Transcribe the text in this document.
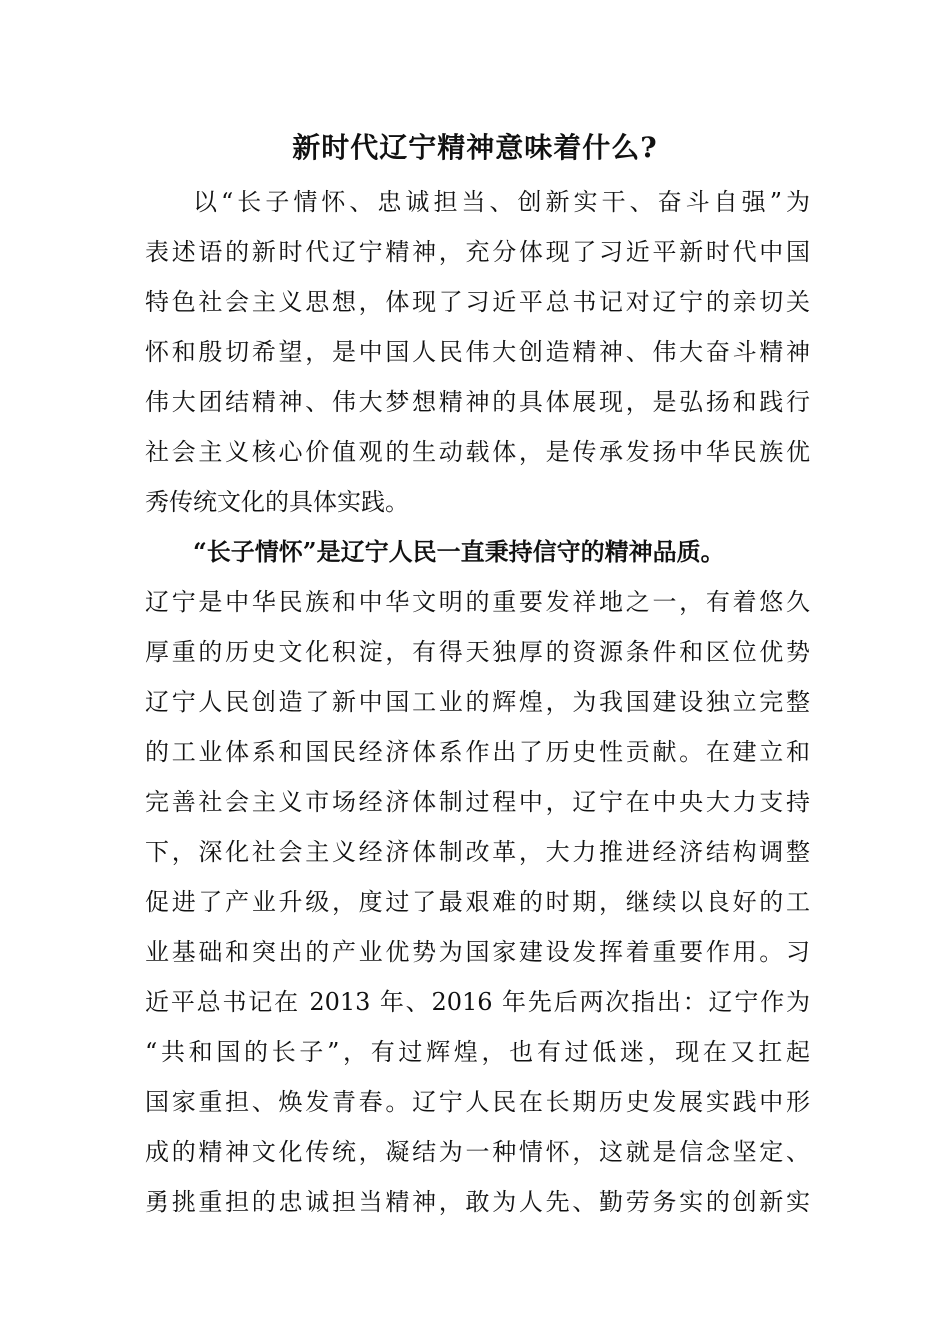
新时代辽宁精神意味着什么?
以“长子情怀、忠诚担当、创新实干、奋斗自强”为
表述语的新时代辽宁精神，充分体现了习近平新时代中国
特色社会主义思想，体现了习近平总书记对辽宁的亲切关
怀和殷切希望，是中国人民伟大创造精神、伟大奋斗精神
伟大团结精神、伟大梦想精神的具体展现，是弘扬和践行
社会主义核心价值观的生动载体，是传承发扬中华民族优
秀传统文化的具体实践。
“长子情怀”是辽宁人民一直秉持信守的精神品质。
辽宁是中华民族和中华文明的重要发祥地之一，有着悠久
厚重的历史文化积淀，有得天独厚的资源条件和区位优势
辽宁人民创造了新中国工业的辉煌，为我国建设独立完整
的工业体系和国民经济体系作出了历史性贡献。在建立和
完善社会主义市场经济体制过程中，辽宁在中央大力支持
下，深化社会主义经济体制改革，大力推进经济结构调整
促进了产业升级，度过了最艰难的时期，继续以良好的工
业基础和突出的产业优势为国家建设发挥着重要作用。习
近平总书记在 2013 年、2016 年先后两次指出：辽宁作为
“共和国的长子”，有过辉煌，也有过低迷，现在又扛起
国家重担、焕发青春。辽宁人民在长期历史发展实践中形
成的精神文化传统，凝结为一种情怀，这就是信念坚定、
勇挑重担的忠诚担当精神，敢为人先、勤劳务实的创新实
